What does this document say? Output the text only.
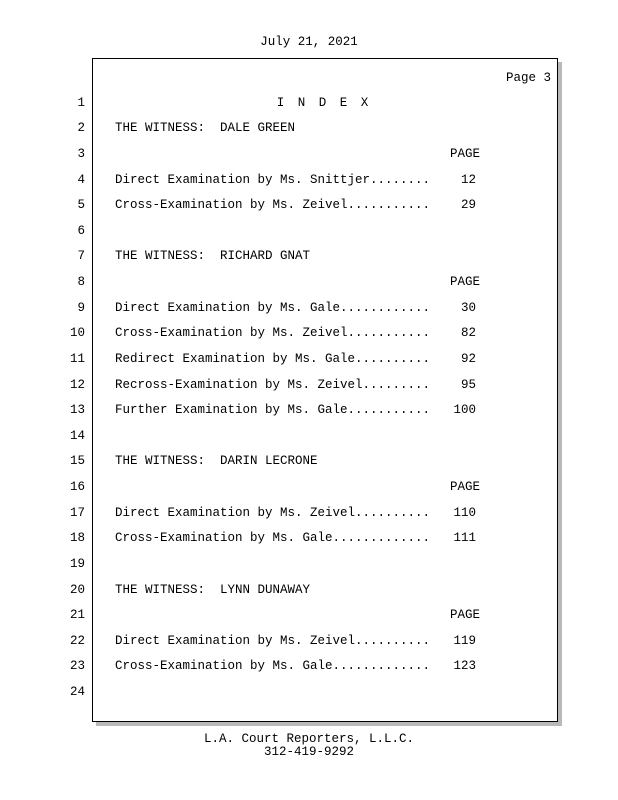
July 21, 2021
Page 3
1
2
3
4
5
6
7
8
9
10
11
12
13
14
15
16
17
18
19
20
21
22
23
24
I N D E X
THE WITNESS:  DALE GREEN
PAGE
Direct Examination by Ms. Snittjer........	12
Cross-Examination by Ms. Zeivel...........	29
THE WITNESS:  RICHARD GNAT
PAGE
Direct Examination by Ms. Gale............	30
Cross-Examination by Ms. Zeivel...........	82
Redirect Examination by Ms. Gale..........	92
Recross-Examination by Ms. Zeivel.........	95
Further Examination by Ms. Gale...........	100
THE WITNESS:  DARIN LECRONE
PAGE
Direct Examination by Ms. Zeivel..........	110
Cross-Examination by Ms. Gale.............	111
THE WITNESS:  LYNN DUNAWAY
PAGE
Direct Examination by Ms. Zeivel..........	119
Cross-Examination by Ms. Gale.............	123
L.A. Court Reporters, L.L.C.
312-419-9292
